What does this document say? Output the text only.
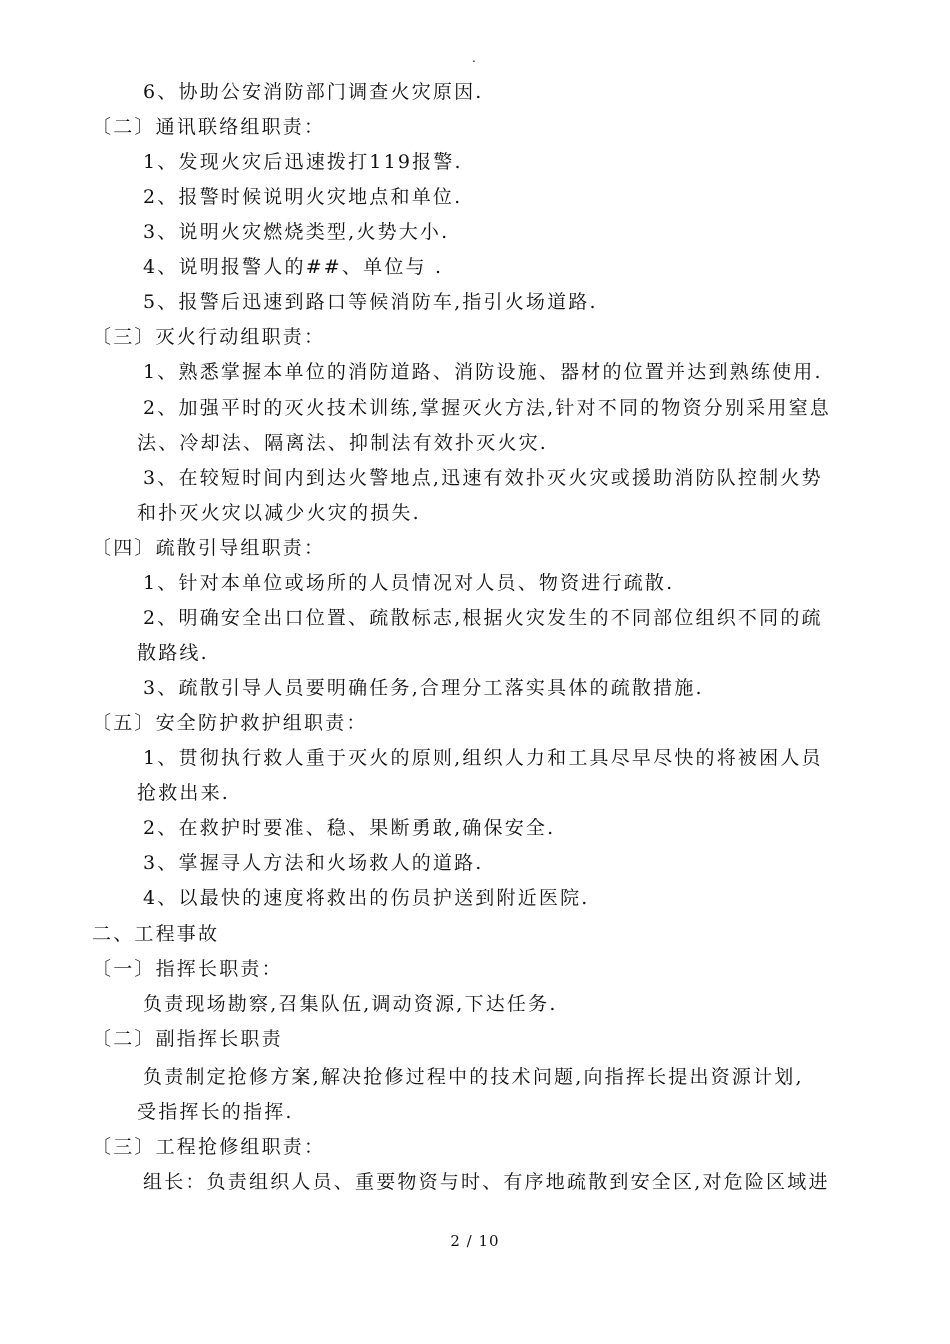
.
6、协助公安消防部门调查火灾原因.
〔二〕通讯联络组职责：
1、发现火灾后迅速拨打119报警.
2、报警时候说明火灾地点和单位.
3、说明火灾燃烧类型,火势大小.
4、说明报警人的##、单位与 .
5、报警后迅速到路口等候消防车,指引火场道路.
〔三〕灭火行动组职责：
1、熟悉掌握本单位的消防道路、消防设施、器材的位置并达到熟练使用.
2、加强平时的灭火技术训练,掌握灭火方法,针对不同的物资分别采用窒息
法、冷却法、隔离法、抑制法有效扑灭火灾.
3、在较短时间内到达火警地点,迅速有效扑灭火灾或援助消防队控制火势
和扑灭火灾以减少火灾的损失.
〔四〕疏散引导组职责：
1、针对本单位或场所的人员情况对人员、物资进行疏散.
2、明确安全出口位置、疏散标志,根据火灾发生的不同部位组织不同的疏
散路线.
3、疏散引导人员要明确任务,合理分工落实具体的疏散措施.
〔五〕安全防护救护组职责：
1、贯彻执行救人重于灭火的原则,组织人力和工具尽早尽快的将被困人员
抢救出来.
2、在救护时要准、稳、果断勇敢,确保安全.
3、掌握寻人方法和火场救人的道路.
4、以最快的速度将救出的伤员护送到附近医院.
二、工程事故
〔一〕指挥长职责：
负责现场勘察,召集队伍,调动资源,下达任务.
〔二〕副指挥长职责
负责制定抢修方案,解决抢修过程中的技术问题,向指挥长提出资源计划,
受指挥长的指挥.
〔三〕工程抢修组职责：
组长：负责组织人员、重要物资与时、有序地疏散到安全区,对危险区域进
2 / 10
